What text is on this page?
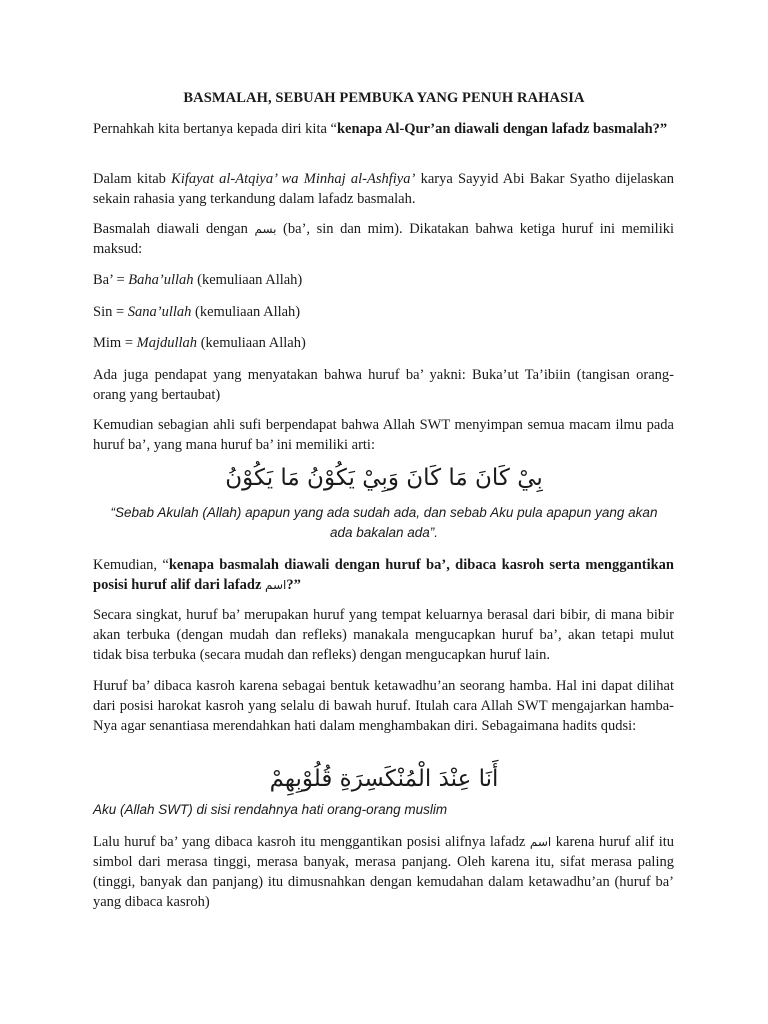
BASMALAH, SEBUAH PEMBUKA YANG PENUH RAHASIA
Pernahkah kita bertanya kepada diri kita “kenapa Al-Qur’an diawali dengan lafadz basmalah?”
Dalam kitab Kifayat al-Atqiya’ wa Minhaj al-Ashfiya’ karya Sayyid Abi Bakar Syatho dijelaskan sekain rahasia yang terkandung dalam lafadz basmalah.
Basmalah diawali dengan بسم (ba’, sin dan mim). Dikatakan bahwa ketiga huruf ini memiliki maksud:
Ba’ = Baha’ullah (kemuliaan Allah)
Sin = Sana’ullah (kemuliaan Allah)
Mim = Majdullah (kemuliaan Allah)
Ada juga pendapat yang menyatakan bahwa huruf ba’ yakni: Buka’ut Ta’ibiin (tangisan orang-orang yang bertaubat)
Kemudian sebagian ahli sufi berpendapat bahwa Allah SWT menyimpan semua macam ilmu pada huruf ba’, yang mana huruf ba’ ini memiliki arti:
بِيْ كَانَ مَا كَانَ وَبِيْ يَكُوْنُ مَا يَكُوْنُ
“Sebab Akulah (Allah) apapun yang ada sudah ada, dan sebab Aku pula apapun yang akan ada bakalan ada”.
Kemudian, “kenapa basmalah diawali dengan huruf ba’, dibaca kasroh serta menggantikan posisi huruf alif dari lafadz اسم?”
Secara singkat, huruf ba’ merupakan huruf yang tempat keluarnya berasal dari bibir, di mana bibir akan terbuka (dengan mudah dan refleks) manakala mengucapkan huruf ba’, akan tetapi mulut tidak bisa terbuka (secara mudah dan refleks) dengan mengucapkan huruf lain.
Huruf ba’ dibaca kasroh karena sebagai bentuk ketawadhu’an seorang hamba. Hal ini dapat dilihat dari posisi harokat kasroh yang selalu di bawah huruf. Itulah cara Allah SWT mengajarkan hamba-Nya agar senantiasa merendahkan hati dalam menghambakan diri. Sebagaimana hadits qudsi:
أَنَا عِنْدَ الْمُنْكَسِرَةِ قُلُوْبِهِمْ
Aku (Allah SWT) di sisi rendahnya hati orang-orang muslim
Lalu huruf ba’ yang dibaca kasroh itu menggantikan posisi alifnya lafadz اسم karena huruf alif itu simbol dari merasa tinggi, merasa banyak, merasa panjang. Oleh karena itu, sifat merasa paling (tinggi, banyak dan panjang) itu dimusnahkan dengan kemudahan dalam ketawadhu’an (huruf ba’ yang dibaca kasroh)
